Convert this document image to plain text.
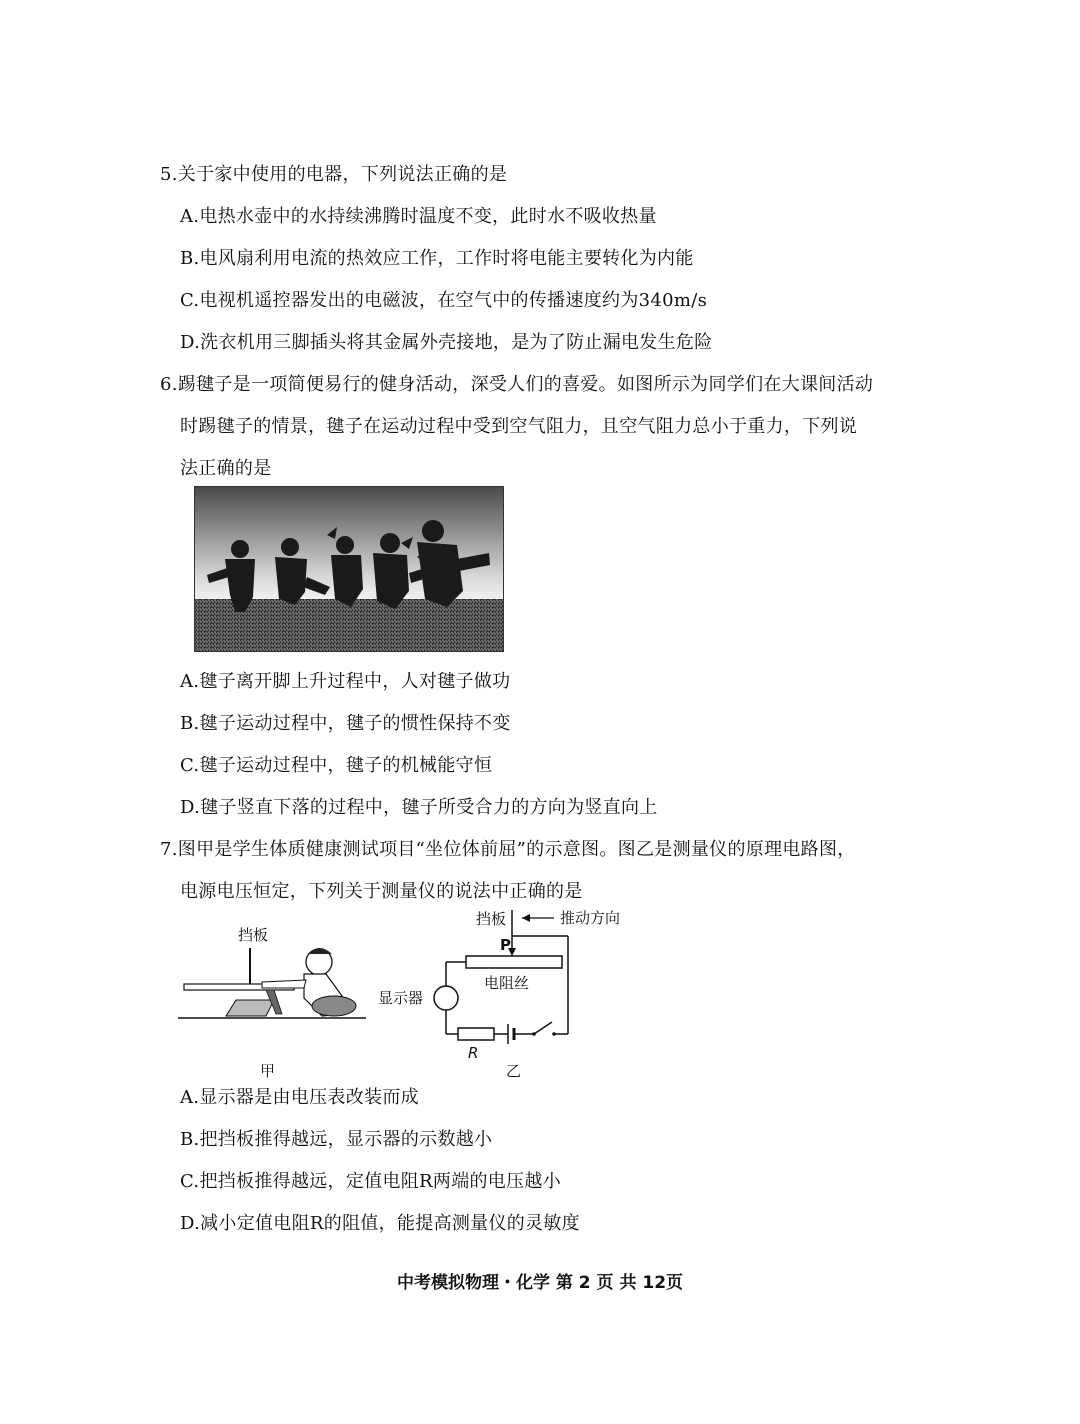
5.关于家中使用的电器，下列说法正确的是
A.电热水壶中的水持续沸腾时温度不变，此时水不吸收热量
B.电风扇利用电流的热效应工作，工作时将电能主要转化为内能
C.电视机遥控器发出的电磁波，在空气中的传播速度约为340m/s
D.洗衣机用三脚插头将其金属外壳接地，是为了防止漏电发生危险
6.踢毽子是一项简便易行的健身活动，深受人们的喜爱。如图所示为同学们在大课间活动
时踢毽子的情景，毽子在运动过程中受到空气阻力，且空气阻力总小于重力，下列说
法正确的是
A.毽子离开脚上升过程中，人对毽子做功
B.毽子运动过程中，毽子的惯性保持不变
C.毽子运动过程中，毽子的机械能守恒
D.毽子竖直下落的过程中，毽子所受合力的方向为竖直向上
7.图甲是学生体质健康测试项目“坐位体前屈”的示意图。图乙是测量仪的原理电路图，
电源电压恒定，下列关于测量仪的说法中正确的是
挡板
甲
挡板	推动方向
P
电阻丝
显示器
R
乙
A.显示器是由电压表改装而成
B.把挡板推得越远，显示器的示数越小
C.把挡板推得越远，定值电阻R两端的电压越小
D.减小定值电阻R的阻值，能提高测量仪的灵敏度
中考模拟物理・化学 第 2 页 共 12页
